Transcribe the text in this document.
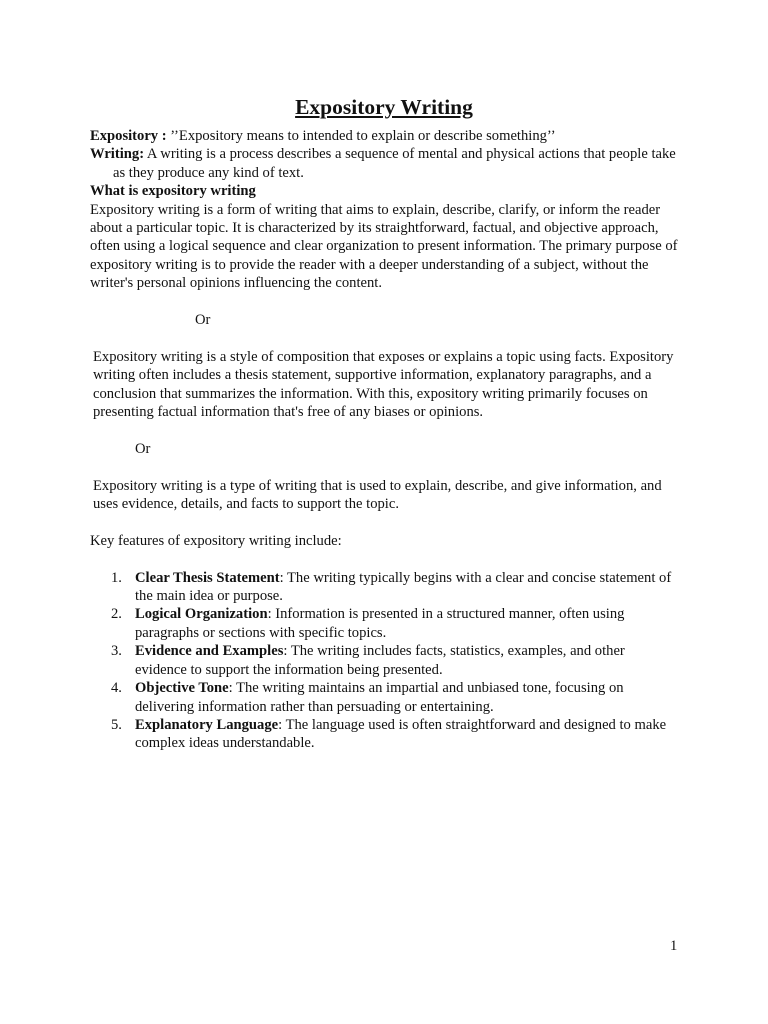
Expository Writing

Expository : ’’Expository means to intended to explain or describe something’’

Writing: A writing is a process describes a sequence of mental and physical actions that people take as they produce any kind of text.

What is expository writing

Expository writing is a form of writing that aims to explain, describe, clarify, or inform the reader about a particular topic. It is characterized by its straightforward, factual, and objective approach, often using a logical sequence and clear organization to present information. The primary purpose of expository writing is to provide the reader with a deeper understanding of a subject, without the writer's personal opinions influencing the content.

Or

Expository writing is a style of composition that exposes or explains a topic using facts. Expository writing often includes a thesis statement, supportive information, explanatory paragraphs, and a conclusion that summarizes the information. With this, expository writing primarily focuses on presenting factual information that's free of any biases or opinions.

Or

Expository writing is a type of writing that is used to explain, describe, and give information, and uses evidence, details, and facts to support the topic.

Key features of expository writing include:

1. Clear Thesis Statement: The writing typically begins with a clear and concise statement of the main idea or purpose.
2. Logical Organization: Information is presented in a structured manner, often using paragraphs or sections with specific topics.
3. Evidence and Examples: The writing includes facts, statistics, examples, and other evidence to support the information being presented.
4. Objective Tone: The writing maintains an impartial and unbiased tone, focusing on delivering information rather than persuading or entertaining.
5. Explanatory Language: The language used is often straightforward and designed to make complex ideas understandable.
1
